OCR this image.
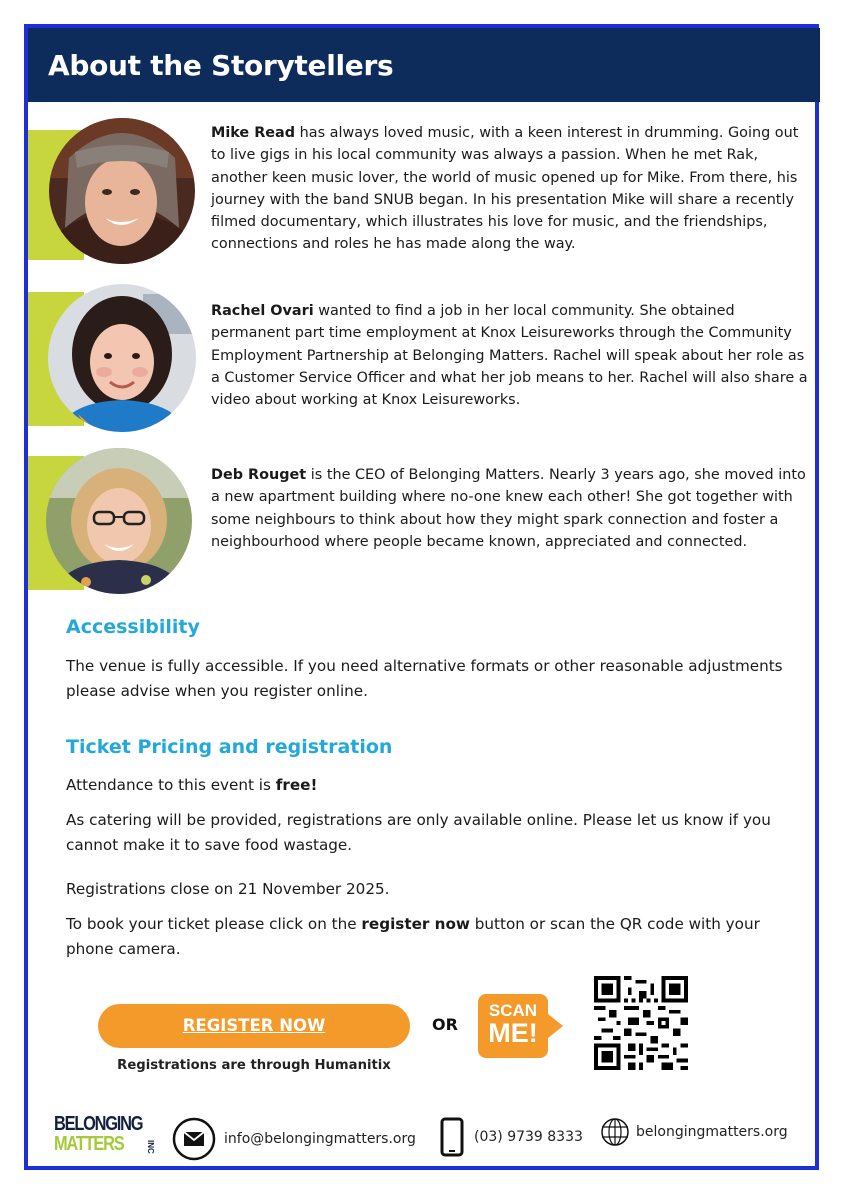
About the Storytellers
Mike Read has always loved music, with a keen interest in drumming. Going out to live gigs in his local community was always a passion. When he met Rak, another keen music lover, the world of music opened up for Mike. From there, his journey with the band SNUB began. In his presentation Mike will share a recently filmed documentary, which illustrates his love for music, and the friendships, connections and roles he has made along the way.
Rachel Ovari wanted to find a job in her local community. She obtained permanent part time employment at Knox Leisureworks through the Community Employment Partnership at Belonging Matters. Rachel will speak about her role as a Customer Service Officer and what her job means to her. Rachel will also share a video about working at Knox Leisureworks.
Deb Rouget is the CEO of Belonging Matters. Nearly 3 years ago, she moved into a new apartment building where no-one knew each other! She got together with some neighbours to think about how they might spark connection and foster a neighbourhood where people became known, appreciated and connected.
Accessibility

The venue is fully accessible. If you need alternative formats or other reasonable adjustments please advise when you register online.

Ticket Pricing and registration

Attendance to this event is free!

As catering will be provided, registrations are only available online. Please let us know if you cannot make it to save food wastage.

Registrations close on 21 November 2025.

To book your ticket please click on the register now button or scan the QR code with your phone camera.

REGISTER NOW
Registrations are through Humanitix
OR
SCAN
ME!
BELONGING
MATTERS	INC	info@belongingmatters.org	(03) 9739 8333	belongingmatters.org
